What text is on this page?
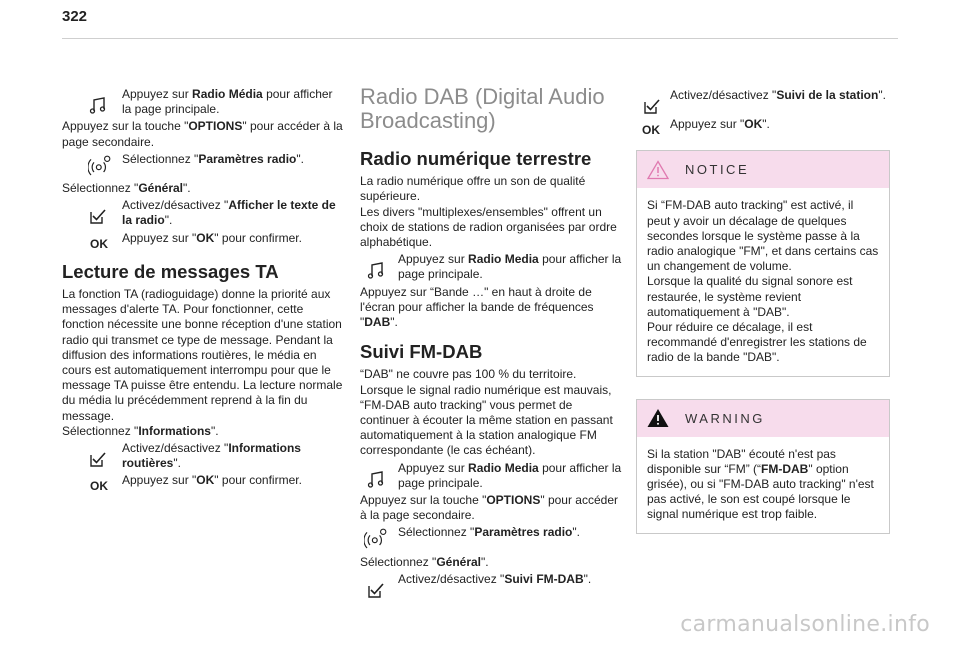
322
Appuyez sur Radio Média pour afficher la page principale.

Appuyez sur la touche "OPTIONS" pour accéder à la page secondaire.

Sélectionnez "Paramètres radio".

Sélectionnez "Général".

Activez/désactivez "Afficher le texte de la radio".
OK Appuyez sur "OK" pour confirmer.
Lecture de messages TA

La fonction TA (radioguidage) donne la priorité aux messages d'alerte TA. Pour fonctionner, cette fonction nécessite une bonne réception d'une station radio qui transmet ce type de message. Pendant la diffusion des informations routières, le média en cours est automatiquement interrompu pour que le message TA puisse être entendu. La lecture normale du média lu précédemment reprend à la fin du message.

Sélectionnez "Informations".

Activez/désactivez "Informations routières".
OK Appuyez sur "OK" pour confirmer.
Radio DAB (Digital Audio Broadcasting)
Radio numérique terrestre

La radio numérique offre un son de qualité supérieure.

Les divers "multiplexes/ensembles" offrent un choix de stations de radion organisées par ordre alphabétique.

Appuyez sur Radio Media pour afficher la page principale.

Appuyez sur “Bande …" en haut à droite de l'écran pour afficher la bande de fréquences "DAB".

Suivi FM-DAB

“DAB" ne couvre pas 100 % du territoire.

Lorsque le signal radio numérique est mauvais, “FM-DAB auto tracking" vous permet de continuer à écouter la même station en passant automatiquement à la station analogique FM correspondante (le cas échéant).

Appuyez sur Radio Media pour afficher la page principale.

Appuyez sur la touche "OPTIONS" pour accéder à la page secondaire.

Sélectionnez "Paramètres radio".

Sélectionnez "Général".

Activez/désactivez "Suivi FM-DAB".
Activez/désactivez "Suivi de la station".
OK Appuyez sur "OK".
NOTICE

Si “FM-DAB auto tracking" est activé, il peut y avoir un décalage de quelques secondes lorsque le système passe à la radio analogique "FM", et dans certains cas un changement de volume.

Lorsque la qualité du signal sonore est restaurée, le système revient automatiquement à "DAB".

Pour réduire ce décalage, il est recommandé d'enregistrer les stations de radio de la bande "DAB".

WARNING

Si la station "DAB" écouté n'est pas disponible sur “FM” (“FM-DAB" option grisée), ou si "FM-DAB auto tracking" n'est pas activé, le son est coupé lorsque le signal numérique est trop faible.

carmanualsonline.info
